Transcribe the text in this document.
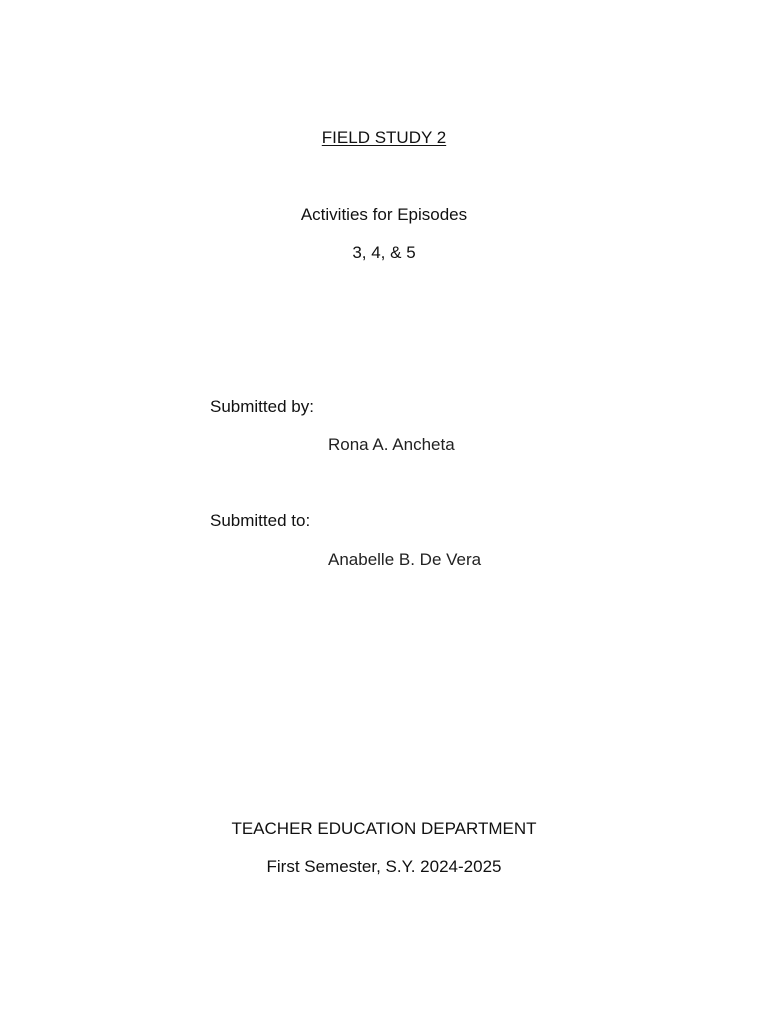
FIELD STUDY 2
Activities for Episodes
3, 4, & 5
Submitted by:
Rona A. Ancheta
Submitted to:
Anabelle B. De Vera
TEACHER EDUCATION DEPARTMENT
First Semester, S.Y. 2024-2025
